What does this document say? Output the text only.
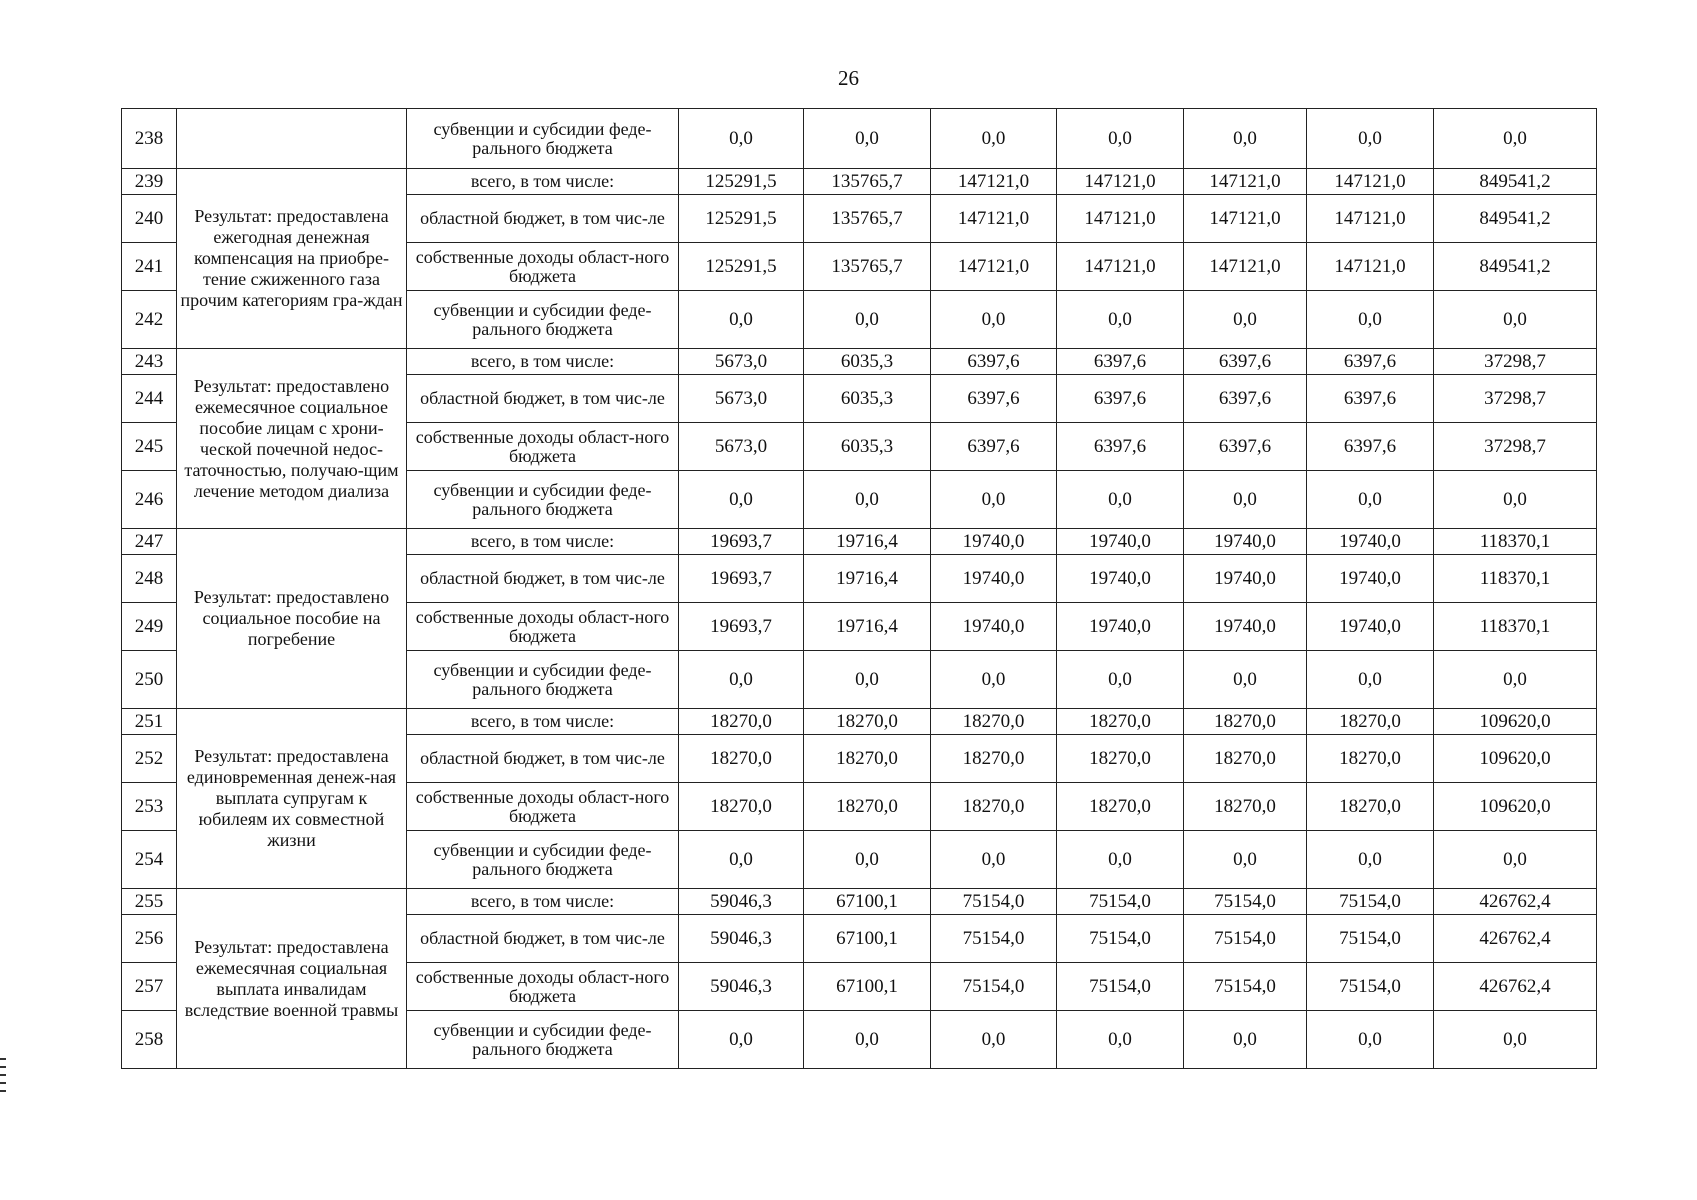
26
238		субвенции и субсидии феде-ральнoго бюджета	0,0	0,0	0,0	0,0	0,0	0,0	0,0
239	Результат: предоставлена ежегодная денежная компенсация на приобре-тение сжиженного газа прочим категориям гра-ждан	всего, в том числе:	125291,5	135765,7	147121,0	147121,0	147121,0	147121,0	849541,2
240		областной бюджет, в том чис-ле	125291,5	135765,7	147121,0	147121,0	147121,0	147121,0	849541,2
241		собственные доходы област-ного бюджета	125291,5	135765,7	147121,0	147121,0	147121,0	147121,0	849541,2
242		субвенции и субсидии феде-рального бюджета	0,0	0,0	0,0	0,0	0,0	0,0	0,0
243	Результат: предоставлено ежемесячное социальное пособие лицам с хрони-ческой почечной недос-таточностью, получаю-щим лечение методом диализа	всего, в том числе:	5673,0	6035,3	6397,6	6397,6	6397,6	6397,6	37298,7
244		областной бюджет, в том чис-ле	5673,0	6035,3	6397,6	6397,6	6397,6	6397,6	37298,7
245		собственные доходы област-ного бюджета	5673,0	6035,3	6397,6	6397,6	6397,6	6397,6	37298,7
246		субвенции и субсидии феде-рального бюджета	0,0	0,0	0,0	0,0	0,0	0,0	0,0
247	Результат: предоставлено социальное пособие на погребение	всего, в том числе:	19693,7	19716,4	19740,0	19740,0	19740,0	19740,0	118370,1
248		областной бюджет, в том чис-ле	19693,7	19716,4	19740,0	19740,0	19740,0	19740,0	118370,1
249		собственные доходы област-ного бюджета	19693,7	19716,4	19740,0	19740,0	19740,0	19740,0	118370,1
250		субвенции и субсидии феде-рального бюджета	0,0	0,0	0,0	0,0	0,0	0,0	0,0
251	Результат: предоставлена единовременная денеж-ная выплата супругам к юбилеям их совместной жизни	всего, в том числе:	18270,0	18270,0	18270,0	18270,0	18270,0	18270,0	109620,0
252		областной бюджет, в том чис-ле	18270,0	18270,0	18270,0	18270,0	18270,0	18270,0	109620,0
253		собственные доходы област-ного бюджета	18270,0	18270,0	18270,0	18270,0	18270,0	18270,0	109620,0
254		субвенции и субсидии феде-рального бюджета	0,0	0,0	0,0	0,0	0,0	0,0	0,0
255	Результат: предоставлена ежемесячная социальная выплата инвалидам вследствие военной травмы	всего, в том числе:	59046,3	67100,1	75154,0	75154,0	75154,0	75154,0	426762,4
256		областной бюджет, в том чис-ле	59046,3	67100,1	75154,0	75154,0	75154,0	75154,0	426762,4
257		собственные доходы област-ного бюджета	59046,3	67100,1	75154,0	75154,0	75154,0	75154,0	426762,4
258		субвенции и субсидии феде-рального бюджета	0,0	0,0	0,0	0,0	0,0	0,0	0,0
